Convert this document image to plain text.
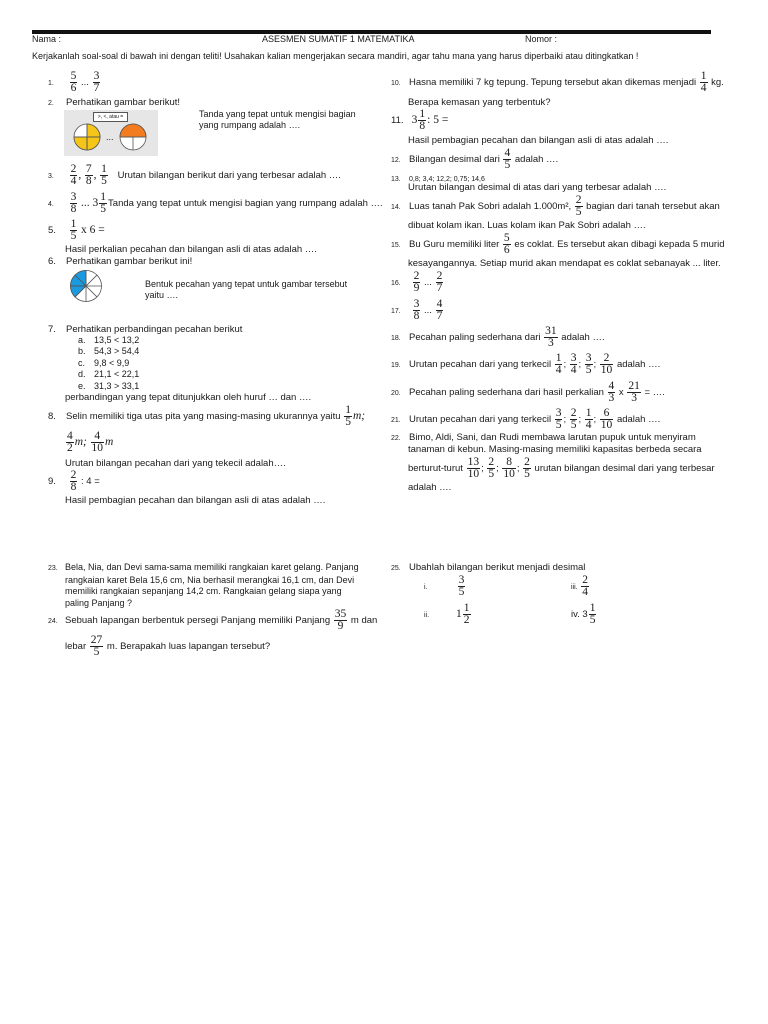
Nama :	ASESMEN SUMATIF 1 MATEMATIKA	Nomor :
Kerjakanlah soal-soal di bawah ini dengan teliti! Usahakan kalian mengerjakan secara mandiri, agar tahu mana yang harus diperbaiki atau ditingkatkan !
1. $\frac{5}{6}$ ... $\frac{3}{7}$
2. Perhatikan gambar berikut!
>, <, atau =
...
Tanda yang tepat untuk mengisi bagian yang rumpang adalah ….
3. $\frac{2}{4}$ , $\frac{7}{8}$ , $\frac{1}{5}$ Urutan bilangan berikut dari yang terbesar adalah ….
4. $\frac{3}{8}$ ... $3 \frac{1}{5}$ Tanda yang tepat untuk mengisi bagian yang rumpang adalah ….
5. $\frac{1}{5}$ x 6 =
Hasil perkalian pecahan dan bilangan asli di atas adalah ….
6. Perhatikan gambar berikut ini!
Bentuk pecahan yang tepat untuk gambar tersebut yaitu ….
7. Perhatikan perbandingan pecahan berikut
a. 13,5 < 13,2
b. 54,3 > 54,4
c. 9,8 < 9,9
d. 21,1 < 22,1
e. 31,3 > 33,1
perbandingan yang tepat ditunjukkan oleh huruf … dan ….
8. Selin memiliki tiga utas pita yang masing-masing ukurannya yaitu $\frac{1}{5} m$;
$\frac{4}{2} m$; $\frac{4}{10}$ m
Urutan bilangan pecahan dari yang tekecil adalah….
9. $\frac{2}{8}$ : 4 =
Hasil pembagian pecahan dan bilangan asli di atas adalah ….
10. Hasna memiliki 7 kg tepung. Tepung tersebut akan dikemas menjadi $\frac{1}{4}$ kg.
Berapa kemasan yang terbentuk?
11. $3 \frac{1}{8}$ : 5 =
Hasil pembagian pecahan dan bilangan asli di atas adalah ….
12. Bilangan desimal dari $\frac{4}{5}$ adalah ….
13. 0,8; 3,4; 12,2; 0,75; 14,6
Urutan bilangan desimal di atas dari yang terbesar adalah ….
14. Luas tanah Pak Sobri adalah 1.000m², $\frac{2}{5}$ bagian dari tanah tersebut akan
dibuat kolam ikan. Luas kolam ikan Pak Sobri adalah ….
15. Bu Guru memiliki liter $\frac{5}{6}$ es coklat. Es tersebut akan dibagi kepada 5 murid
kesayangannya. Setiap murid akan mendapat es coklat sebanayak ... liter.
16. $\frac{2}{9}$ ... $\frac{2}{7}$
17. $\frac{3}{8}$ ... $\frac{4}{7}$
18. Pecahan paling sederhana dari $\frac{31}{3}$ adalah ….
19. Urutan pecahan dari yang terkecil $\frac{1}{4}$ ; $\frac{3}{4}$ ; $\frac{3}{5}$ ; $\frac{2}{10}$ adalah ….
20. Pecahan paling sederhana dari hasil perkalian $\frac{4}{3}$ x $\frac{21}{3}$ = ….
21. Urutan pecahan dari yang terkecil $\frac{3}{5}$ ; $\frac{2}{5}$ ; $\frac{1}{4}$ ; $\frac{6}{10}$ adalah ….
22. Bimo, Aldi, Sani, dan Rudi membawa larutan pupuk untuk menyiram
tanaman di kebun. Masing-masing memiliki kapasitas berbeda secara
berturut-turut $\frac{13}{10}$ ; $\frac{2}{5}$ ; $\frac{8}{10}$ ; $\frac{2}{5}$ urutan bilangan desimal dari yang terbesar
adalah ….
23. Bela, Nia, dan Devi sama-sama memiliki rangkaian karet gelang. Panjang
rangkaian karet Bela 15,6 cm, Nia berhasil merangkai 16,1 cm, dan Devi
memiliki rangkaian sepanjang 14,2 cm. Rangkaian gelang siapa yang
paling Panjang ?
24. Sebuah lapangan berbentuk persegi Panjang memiliki Panjang $\frac{35}{9}$ m dan
lebar $\frac{27}{5} m$. Berapakah luas lapangan tersebut?
25. Ubahlah bilangan berikut menjadi desimal
i.	$\frac{3}{5}$	iii. $\frac{2}{4}$
ii. $1 \frac{1}{2}$	iv. $3 \frac{1}{5}$
